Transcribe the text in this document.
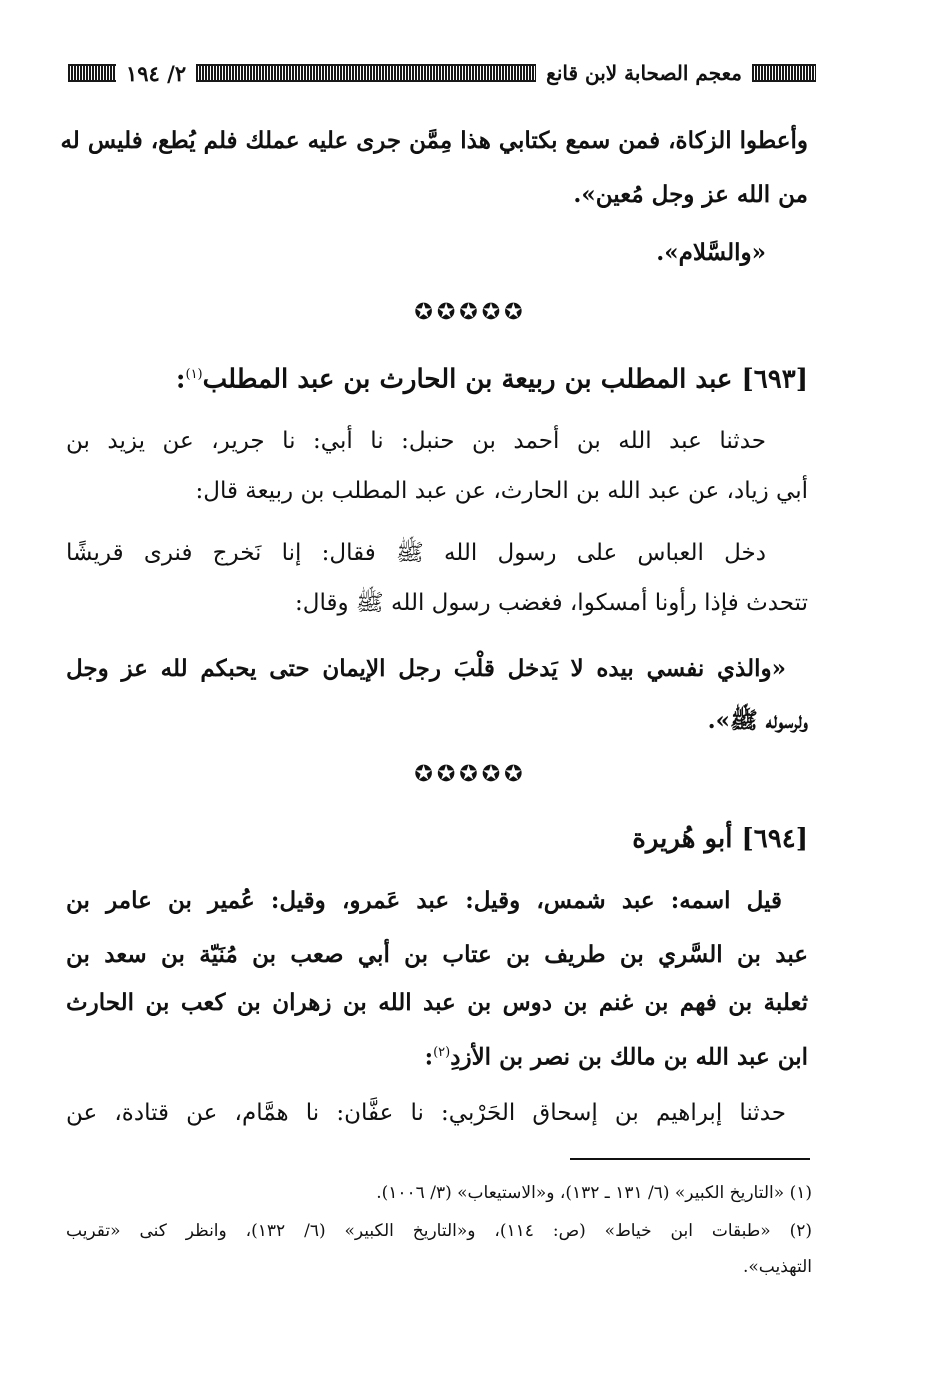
٢/ ١٩٤	معجم الصحابة لابن قانع
وأعطوا الزكاة، فمن سمع بكتابي هذا مِمَّن جرى عليه عملك فلم يُطع، فليس له
من الله عز وجل مُعين».
«والسَّلام».
✪✪✪✪✪
[٦٩٣] عبد المطلب بن ربيعة بن الحارث بن عبد المطلب$^{(١)}$:
حدثنا عبد الله بن أحمد بن حنبل: نا أبي: نا جرير، عن يزيد بن
أبي زياد، عن عبد الله بن الحارث، عن عبد المطلب بن ربيعة قال:
دخل العباس على رسول الله ﷺ فقال: إنا نَخرج فنرى قريشًا
تتحدث فإذا رأونا أمسكوا، فغضب رسول الله ﷺ وقال:
«والذي نفسي بيده لا يَدخل قلْبَ رجل الإيمان حتى يحبكم لله عز وجل
ولرسوله ﷺ».
✪✪✪✪✪
[٦٩٤] أبو هُريرة
قيل اسمه: عبد شمس، وقيل: عبد عَمرو، وقيل: عُمير بن عامر بن
عبد بن السَّري بن طريف بن عتاب بن أبي صعب بن مُنَيّة بن سعد بن
ثعلبة بن فهم بن غنم بن دوس بن عبد الله بن زهران بن كعب بن الحارث
ابن عبد الله بن مالك بن نصر بن الأزدِ$^{(٢)}$:
حدثنا إبراهيم بن إسحاق الحَرْبي: نا عفَّان: نا همَّام، عن قتادة، عن
(١) «التاريخ الكبير» (٦/ ١٣١ ـ ١٣٢)، و«الاستيعاب» (٣/ ١٠٠٦).
(٢) «طبقات ابن خياط» (ص: ١١٤)، و«التاريخ الكبير» (٦/ ١٣٢)، وانظر كنى «تقريب
التهذيب».
